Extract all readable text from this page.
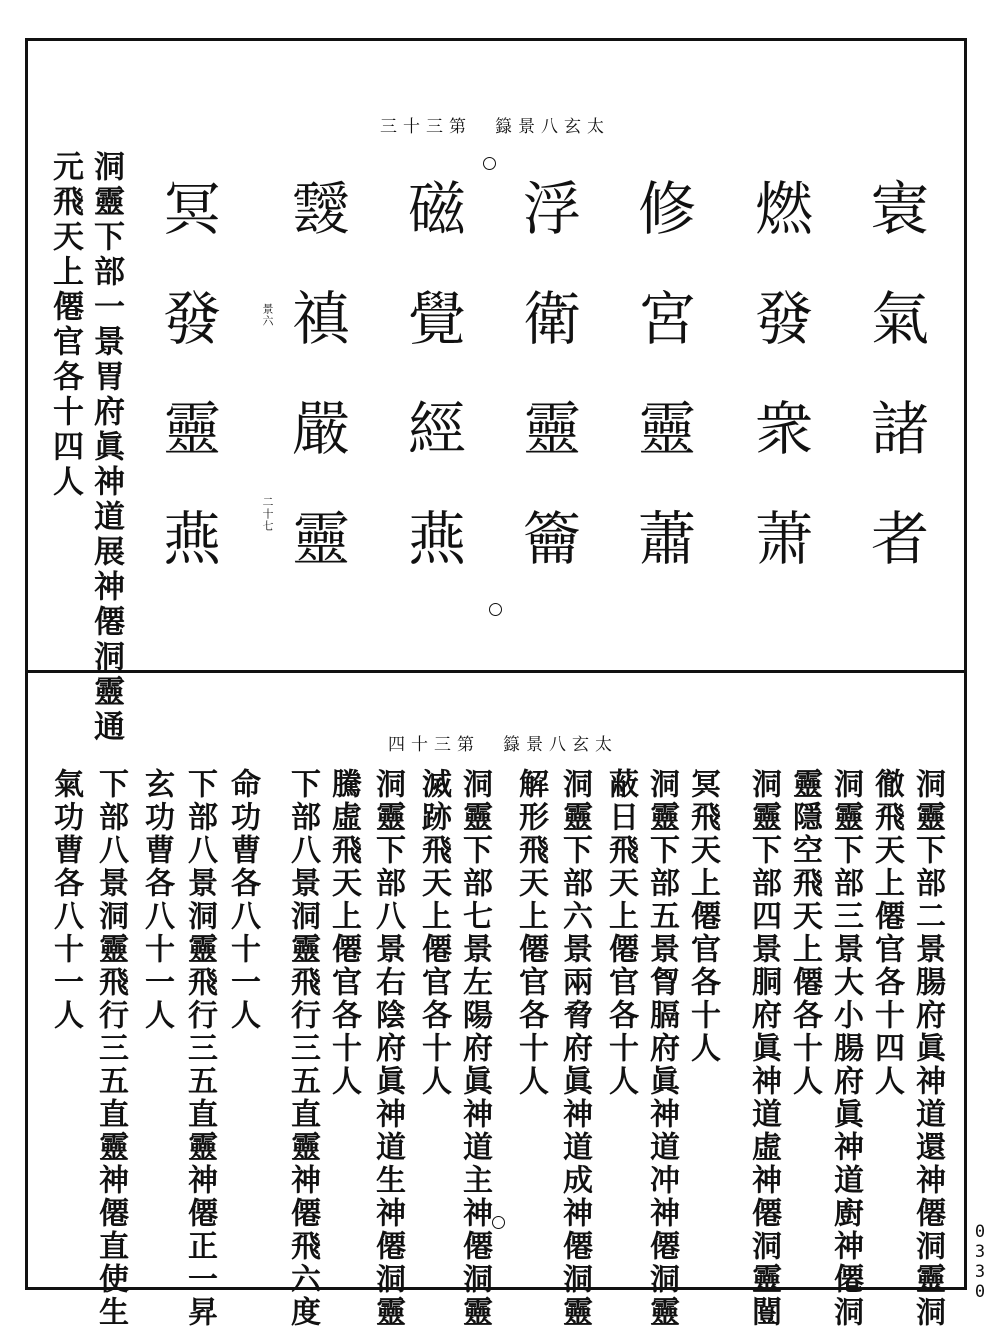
三十三第　籙景八玄太
㝨氣諸者
燃發衆萧
修宮靈蕭
浮衛靈籥
磁覺經燕
靉禛嚴靈
冥發靈燕	景六
二十七
洞靈下部一景胃府眞神道展神僊洞靈通
元飛天上僊官各十四人
四十三第　籙景八玄太
洞靈下部二景腸府眞神道還神僊洞靈洞
徹飛天上僊官各十四人
洞靈下部三景大小腸府眞神道廚神僊洞
靈隱空飛天上僊各十人
洞靈下部四景胴府眞神道虛神僊洞靈闓
冥飛天上僊官各十人
洞靈下部五景胷膈府眞神道冲神僊洞靈
蔽日飛天上僊官各十人
洞靈下部六景兩脅府眞神道成神僊洞靈
解形飛天上僊官各十人
洞靈下部七景左陽府眞神道主神僊洞靈
滅跡飛天上僊官各十人
洞靈下部八景右陰府眞神道生神僊洞靈
騰虛飛天上僊官各十人
下部八景洞靈飛行三五直靈神僊飛六度
命功曹各八十一人
下部八景洞靈飛行三五直靈神僊正一昇
玄功曹各八十一人
下部八景洞靈飛行三五直靈神僊直使生
氣功曹各八十一人
0330
